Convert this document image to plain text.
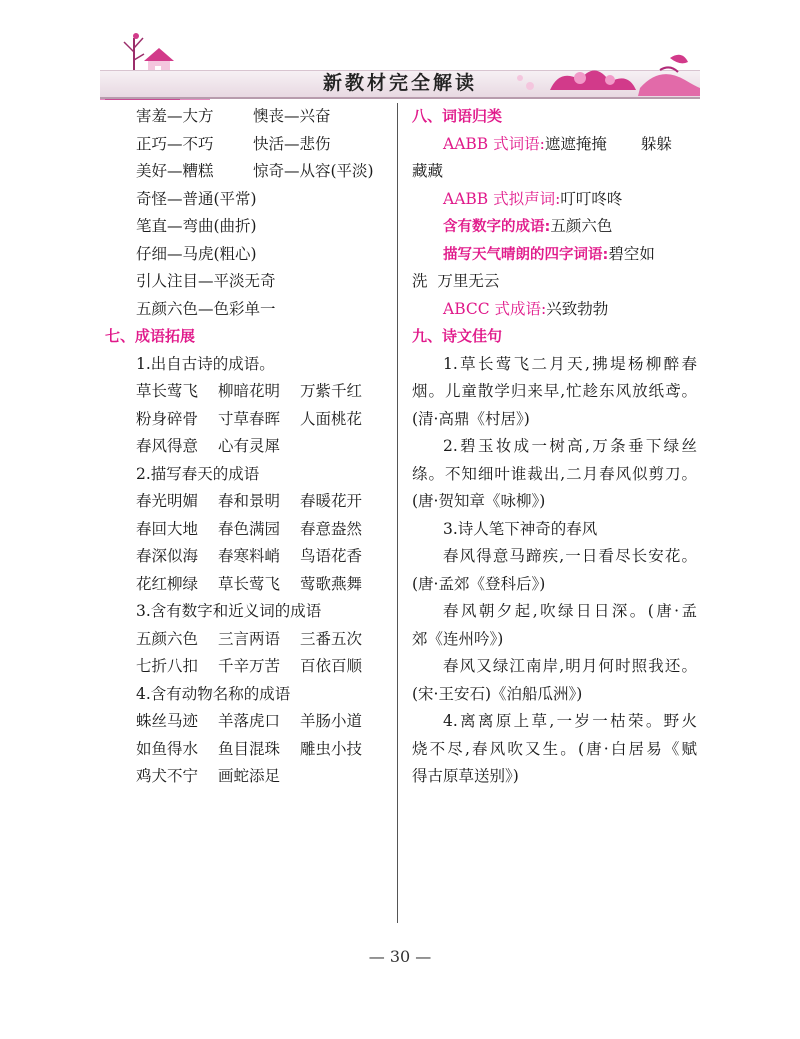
新教材完全解读
害羞—大方	懊丧—兴奋
正巧—不巧	快活—悲伤
美好—糟糕	惊奇—从容(平淡)
奇怪—普通(平常)
笔直—弯曲(曲折)
仔细—马虎(粗心)
引人注目—平淡无奇
五颜六色—色彩单一
七、成语拓展
1.出自古诗的成语。
草长莺飞 柳暗花明 万紫千红
粉身碎骨 寸草春晖 人面桃花
春风得意 心有灵犀
2.描写春天的成语
春光明媚 春和景明 春暖花开
春回大地 春色满园 春意盎然
春深似海 春寒料峭 鸟语花香
花红柳绿 草长莺飞 莺歌燕舞
3.含有数字和近义词的成语
五颜六色 三言两语 三番五次
七折八扣 千辛万苦 百依百顺
4.含有动物名称的成语
蛛丝马迹 羊落虎口 羊肠小道
如鱼得水 鱼目混珠 雕虫小技
鸡犬不宁 画蛇添足
八、词语归类
AABB 式词语:遮遮掩掩 躲躲
藏藏
AABB 式拟声词:叮叮咚咚
含有数字的成语:五颜六色
描写天气晴朗的四字词语:碧空如
洗  万里无云
ABCC 式成语:兴致勃勃
九、诗文佳句
1.草长莺飞二月天,拂堤杨柳醉春
烟。儿童散学归来早,忙趁东风放纸鸢。
(清·高鼎《村居》)
2.碧玉妆成一树高,万条垂下绿丝
绦。不知细叶谁裁出,二月春风似剪刀。
(唐·贺知章《咏柳》)
3.诗人笔下神奇的春风
春风得意马蹄疾,一日看尽长安花。
(唐·孟郊《登科后》)
春风朝夕起,吹绿日日深。(唐·孟
郊《连州吟》)
春风又绿江南岸,明月何时照我还。
(宋·王安石)《泊船瓜洲》)
4.离离原上草,一岁一枯荣。野火
烧不尽,春风吹又生。(唐·白居易《赋
得古原草送别》)
— 30 —
